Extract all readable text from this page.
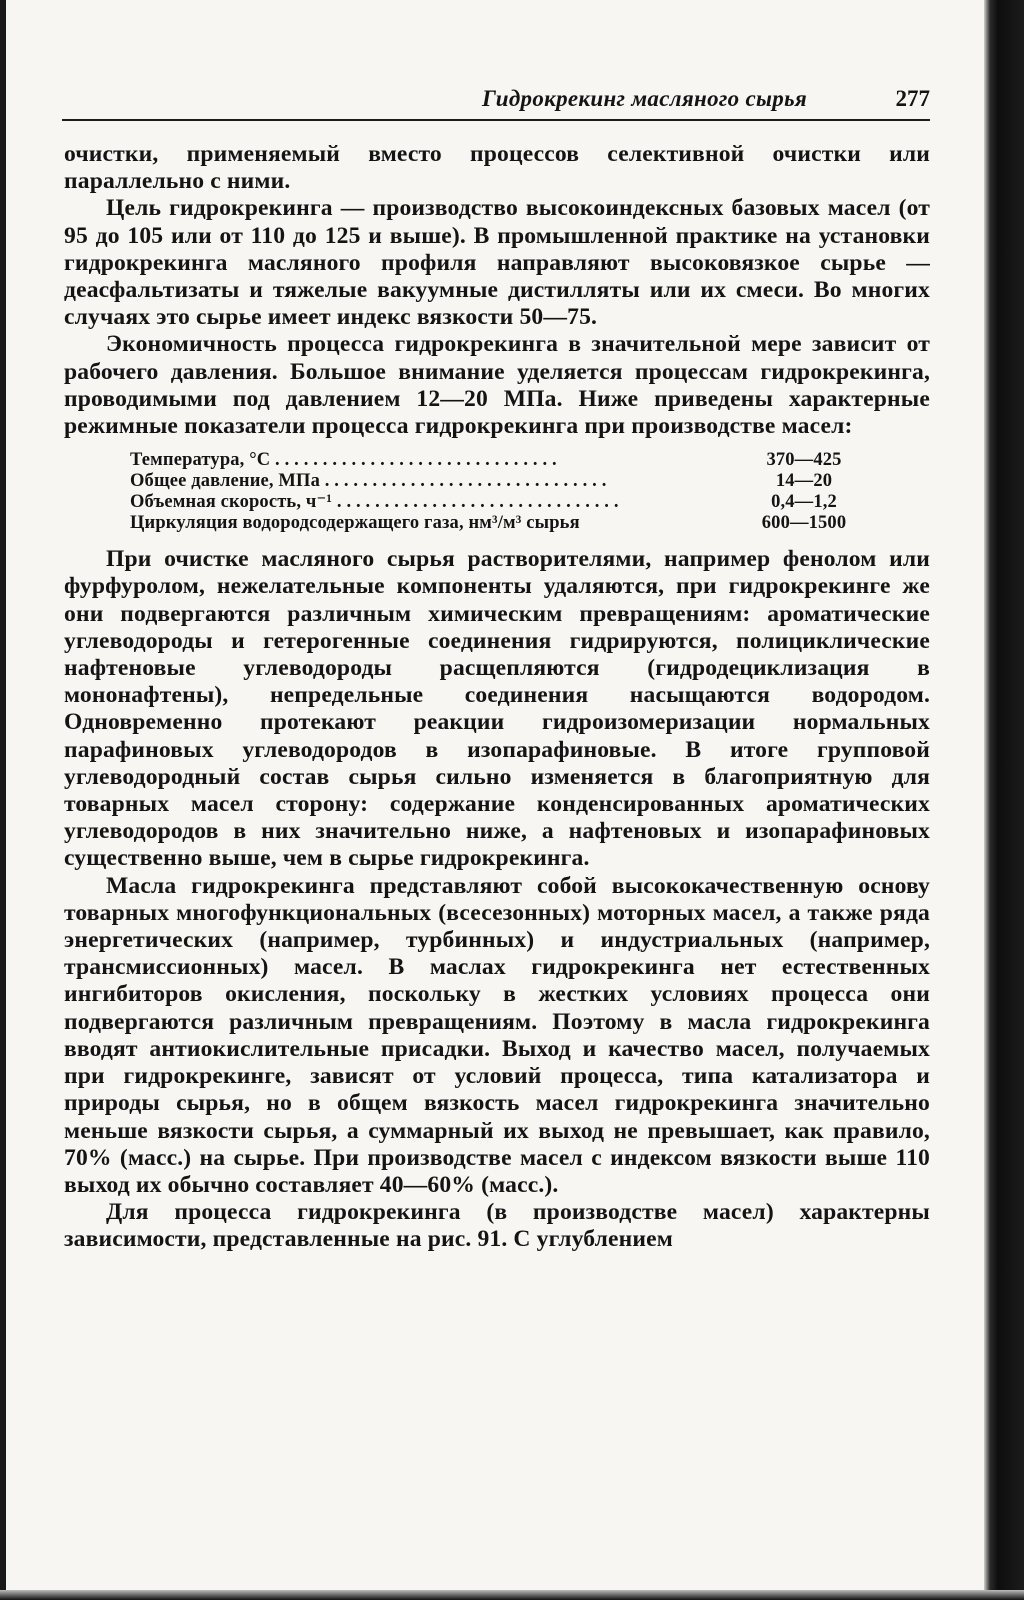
Гидрокрекинг масляного сырья	277

очистки, применяемый вместо процессов селективной очистки или параллельно с ними.

Цель гидрокрекинга — производство высокоиндексных базовых масел (от 95 до 105 или от 110 до 125 и выше). В промышленной практике на установки гидрокрекинга масляного профиля направляют высоковязкое сырье — деасфальтизаты и тяжелые вакуумные дистилляты или их смеси. Во многих случаях это сырье имеет индекс вязкости 50—75.

Экономичность процесса гидрокрекинга в значительной мере зависит от рабочего давления. Большое внимание уделяется процессам гидрокрекинга, проводимыми под давлением 12—20 МПа. Ниже приведены характерные режимные показатели процесса гидрокрекинга при производстве масел:

Температура, °С . . . . . . . . . . . . . . . . . . . . . . . . . . . . . .	370—425
Общее давление, МПа . . . . . . . . . . . . . . . . . . . . . . . . . . . . . .	14—20
Объемная скорость, ч⁻¹ . . . . . . . . . . . . . . . . . . . . . . . . . . . . . .	0,4—1,2
Циркуляция водородсодержащего газа, нм³/м³ сырья	600—1500

При очистке масляного сырья растворителями, например фенолом или фурфуролом, нежелательные компоненты удаляются, при гидрокрекинге же они подвергаются различным химическим превращениям: ароматические углеводороды и гетерогенные соединения гидрируются, полициклические нафтеновые углеводороды расщепляются (гидродециклизация в мононафтены), непредельные соединения насыщаются водородом. Одновременно протекают реакции гидроизомеризации нормальных парафиновых углеводородов в изопарафиновые. В итоге групповой углеводородный состав сырья сильно изменяется в благоприятную для товарных масел сторону: содержание конденсированных ароматических углеводородов в них значительно ниже, а нафтеновых и изопарафиновых существенно выше, чем в сырье гидрокрекинга.

Масла гидрокрекинга представляют собой высококачественную основу товарных многофункциональных (всесезонных) моторных масел, а также ряда энергетических (например, турбинных) и индустриальных (например, трансмиссионных) масел. В маслах гидрокрекинга нет естественных ингибиторов окисления, поскольку в жестких условиях процесса они подвергаются различным превращениям. Поэтому в масла гидрокрекинга вводят антиокислительные присадки. Выход и качество масел, получаемых при гидрокрекинге, зависят от условий процесса, типа катализатора и природы сырья, но в общем вязкость масел гидрокрекинга значительно меньше вязкости сырья, а суммарный их выход не превышает, как правило, 70% (масс.) на сырье. При производстве масел с индексом вязкости выше 110 выход их обычно составляет 40—60% (масс.).

Для процесса гидрокрекинга (в производстве масел) характерны зависимости, представленные на рис. 91. С углублением
